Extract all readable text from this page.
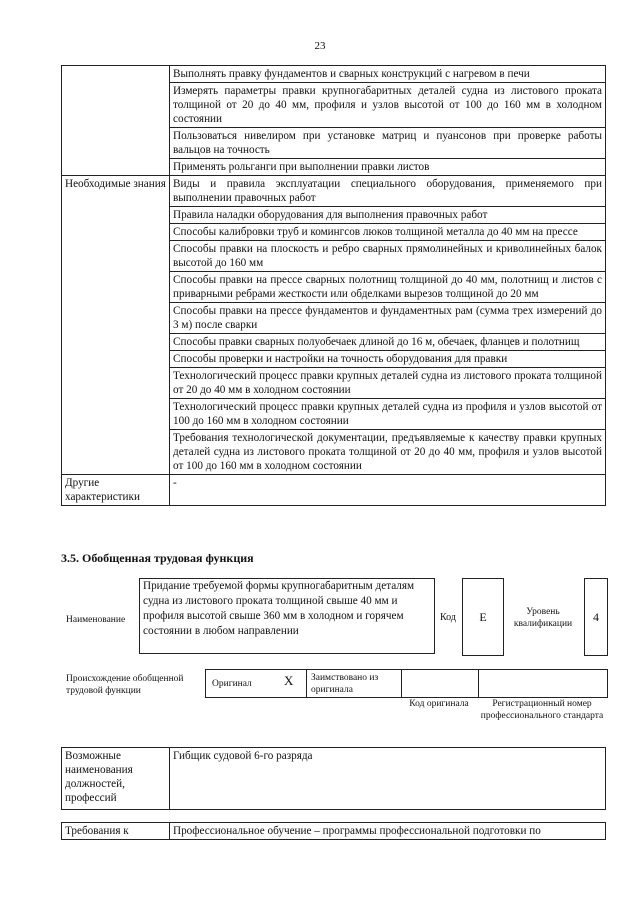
23
	Выполнять правку фундаментов и сварных конструкций с нагревом в печи
	Измерять параметры правки крупногабаритных деталей судна из листового проката толщиной от 20 до 40 мм, профиля и узлов высотой от 100 до 160 мм в холодном состоянии
	Пользоваться нивелиром при установке матриц и пуансонов при проверке работы вальцов на точность
	Применять рольганги при выполнении правки листов
Необходимые знания	Виды и правила эксплуатации специального оборудования, применяемого при выполнении правочных работ
	Правила наладки оборудования для выполнения правочных работ
	Способы калибровки труб и комингсов люков толщиной металла до 40 мм на прессе
	Способы правки на плоскость и ребро сварных прямолинейных и криволинейных балок высотой до 160 мм
	Способы правки на прессе сварных полотнищ толщиной до 40 мм, полотнищ и листов с приварными ребрами жесткости или обделками вырезов толщиной до 20 мм
	Способы правки на прессе фундаментов и фундаментных рам (сумма трех измерений до 3 м) после сварки
	Способы правки сварных полуобечаек длиной до 16 м, обечаек, фланцев и полотнищ
	Способы проверки и настройки на точность оборудования для правки
	Технологический процесс правки крупных деталей судна из листового проката толщиной от 20 до 40 мм в холодном состоянии
	Технологический процесс правки крупных деталей судна из профиля и узлов высотой от 100 до 160 мм в холодном состоянии
	Требования технологической документации, предъявляемые к качеству правки крупных деталей судна из листового проката толщиной от 20 до 40 мм, профиля и узлов высотой от 100 до 160 мм в холодном состоянии
Другие характеристики	-
3.5. Обобщенная трудовая функция
Наименование
Придание требуемой формы крупногабаритным деталям судна из листового проката толщиной свыше 40 мм и профиля высотой свыше 360 мм в холодном и горячем состоянии в любом направлении
Код	E	Уровень квалификации	4
Происхождение обобщенной трудовой функции
Оригинал X Заимствовано из оригинала
Код оригинала	Регистрационный номер профессионального стандарта
Возможные наименования должностей, профессий	Гибщик судовой 6-го разряда
Требования к	Профессиональное обучение – программы профессиональной подготовки по
